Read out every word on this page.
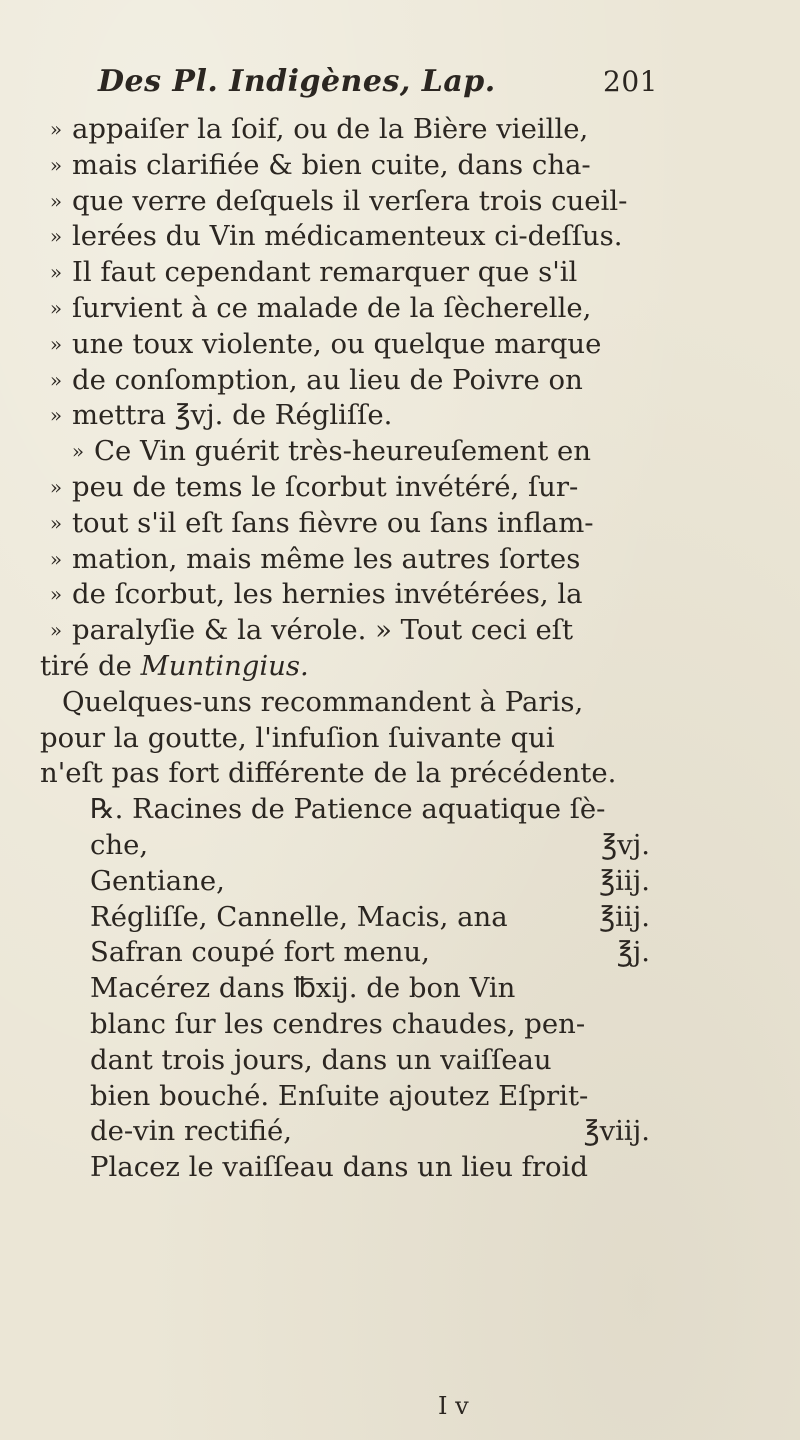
Des Pl. Indigènes, Lap.	201
» appaiſer la ſoif, ou de la Bière vieille,
» mais clarifiée & bien cuite, dans cha-
» que verre deſquels il verſera trois cueil-
» lerées du Vin médicamenteux ci-deſſus.
» Il faut cependant remarquer que s'il
» ſurvient à ce malade de la ſècherelle,
» une toux violente, ou quelque marque
» de conſomption, au lieu de Poivre on
» mettra ℥vj. de Régliſſe.
» Ce Vin guérit très-heureuſement en
» peu de tems le ſcorbut invétéré, ſur-
» tout s'il eſt ſans fièvre ou ſans inflam-
» mation, mais même les autres ſortes
» de ſcorbut, les hernies invétérées, la
» paralyſie & la vérole. » Tout ceci eſt
tiré de Muntingius.
Quelques-uns recommandent à Paris,
pour la goutte, l'infuſion ſuivante qui
n'eſt pas fort différente de la précédente.
℞. Racines de Patience aquatique ſè-
che,	℥vj.
Gentiane,	℥iij.
Régliſſe, Cannelle, Macis, ana	℥iij.
Safran coupé fort menu,	℥j.
Macérez dans ℔xij. de bon Vin
blanc ſur les cendres chaudes, pen-
dant trois jours, dans un vaiſſeau
bien bouché. Enſuite ajoutez Eſprit-
de-vin rectifié,	℥viij.
Placez le vaiſſeau dans un lieu froid
I v
